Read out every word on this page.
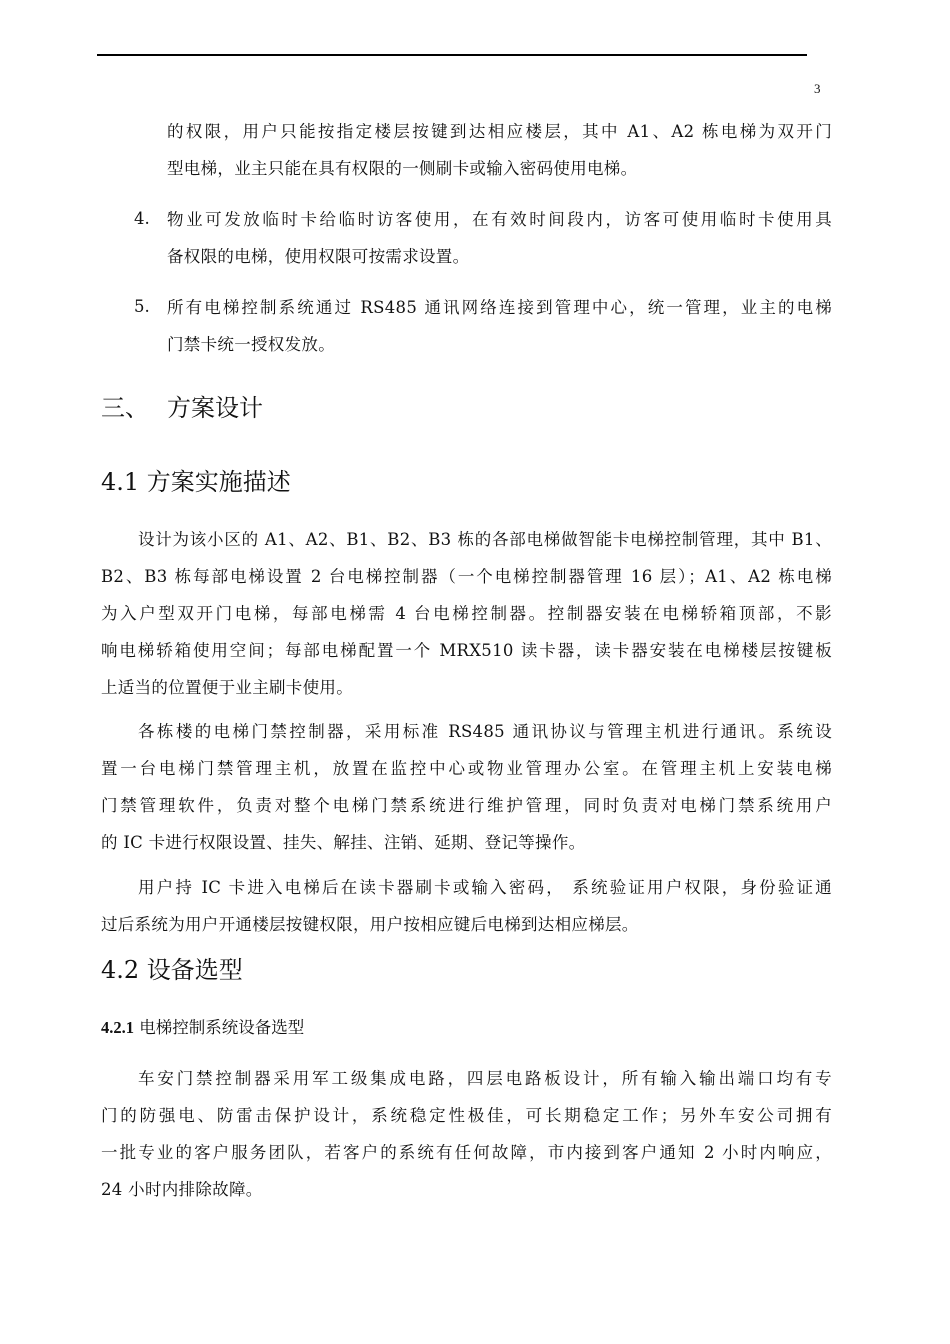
3
的权限，用户只能按指定楼层按键到达相应楼层，其中 A1、A2 栋电梯为双开门
型电梯，业主只能在具有权限的一侧刷卡或输入密码使用电梯。
4. 物业可发放临时卡给临时访客使用，在有效时间段内，访客可使用临时卡使用具
备权限的电梯，使用权限可按需求设置。
5. 所有电梯控制系统通过 RS485 通讯网络连接到管理中心，统一管理，业主的电梯
门禁卡统一授权发放。
三、 方案设计
4.1 方案实施描述
设计为该小区的 A1、A2、B1、B2、B3 栋的各部电梯做智能卡电梯控制管理，其中 B1、
B2、B3 栋每部电梯设置 2 台电梯控制器（一个电梯控制器管理 16 层）；A1、A2 栋电梯
为入户型双开门电梯，每部电梯需 4 台电梯控制器。控制器安装在电梯轿箱顶部，不影
响电梯轿箱使用空间；每部电梯配置一个 MRX510 读卡器，读卡器安装在电梯楼层按键板
上适当的位置便于业主刷卡使用。
各栋楼的电梯门禁控制器，采用标准 RS485 通讯协议与管理主机进行通讯。系统设
置一台电梯门禁管理主机，放置在监控中心或物业管理办公室。在管理主机上安装电梯
门禁管理软件，负责对整个电梯门禁系统进行维护管理，同时负责对电梯门禁系统用户
的 IC 卡进行权限设置、挂失、解挂、注销、延期、登记等操作。
用户持 IC 卡进入电梯后在读卡器刷卡或输入密码， 系统验证用户权限，身份验证通
过后系统为用户开通楼层按键权限，用户按相应键后电梯到达相应梯层。
4.2 设备选型
4.2.1 电梯控制系统设备选型
车安门禁控制器采用军工级集成电路，四层电路板设计，所有输入输出端口均有专
门的防强电、防雷击保护设计，系统稳定性极佳，可长期稳定工作；另外车安公司拥有
一批专业的客户服务团队，若客户的系统有任何故障，市内接到客户通知 2 小时内响应，
24 小时内排除故障。
